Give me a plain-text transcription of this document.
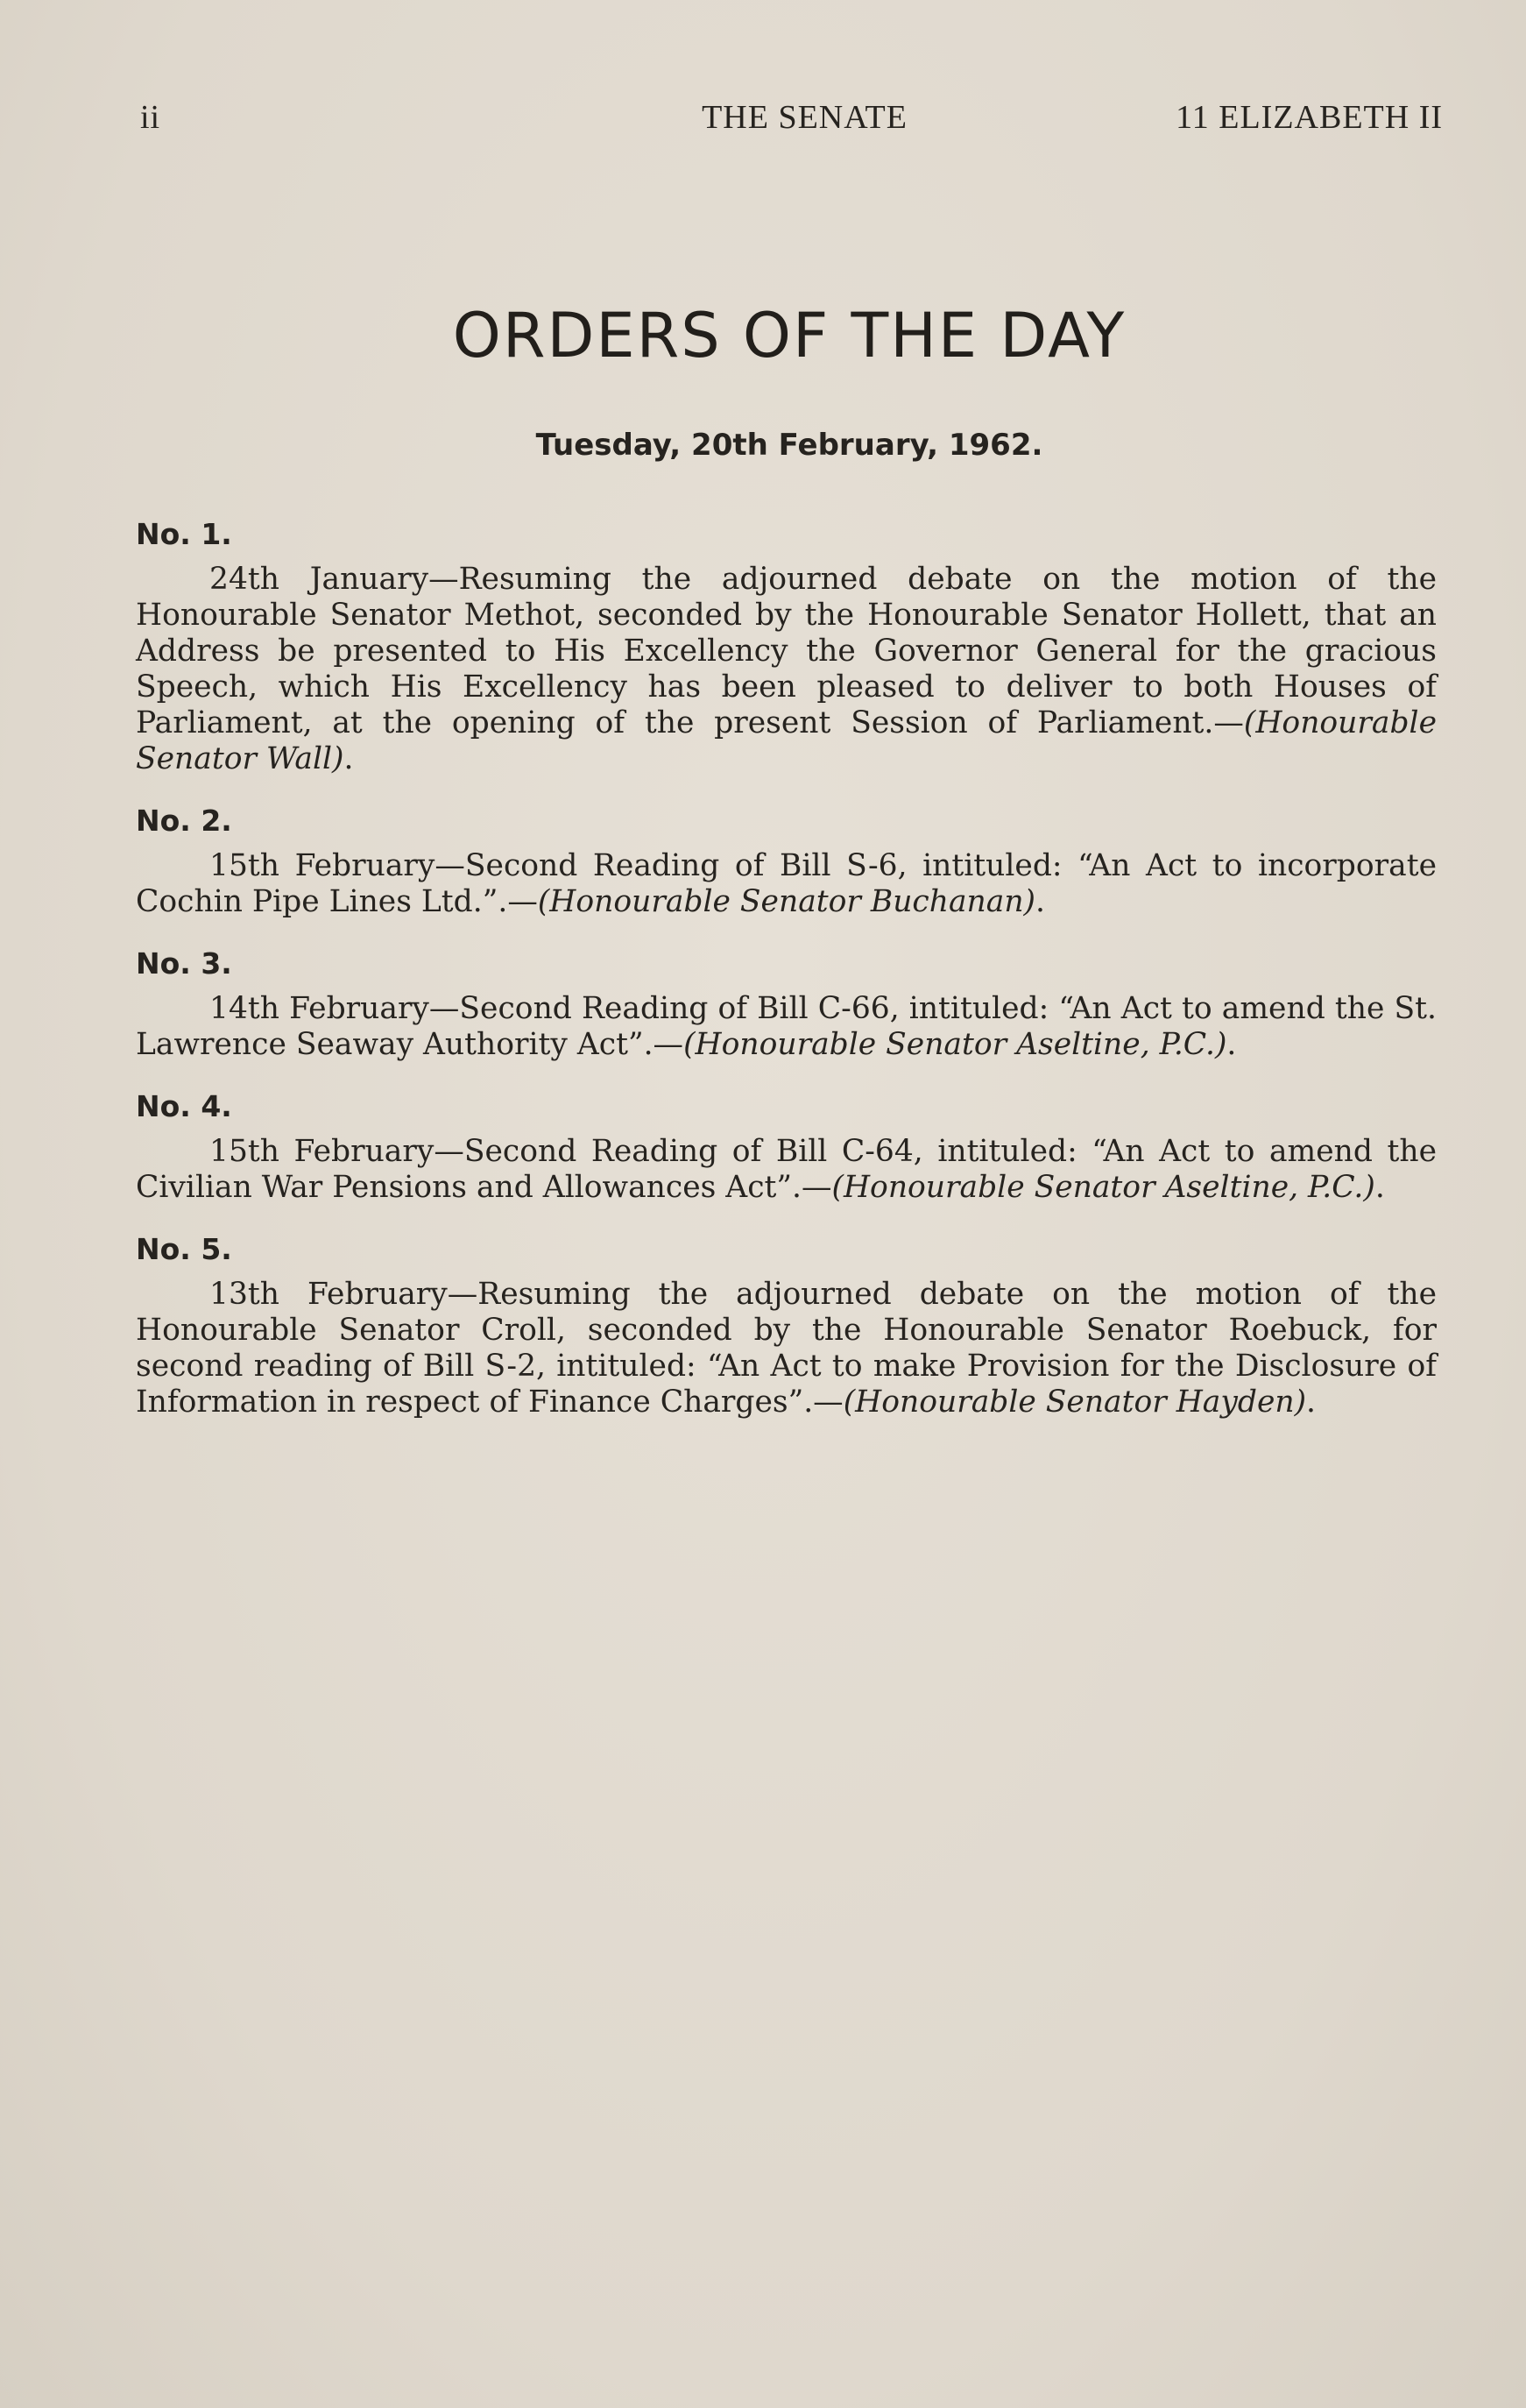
ii	THE SENATE	11 ELIZABETH II
ORDERS OF THE DAY
Tuesday, 20th February, 1962.
No. 1.
24th January—Resuming the adjourned debate on the motion of the Honourable Senator Methot, seconded by the Honourable Senator Hollett, that an Address be presented to His Excellency the Governor General for the gracious Speech, which His Excellency has been pleased to deliver to both Houses of Parliament, at the opening of the present Session of Parliament.—(Honourable Senator Wall).
No. 2.
15th February—Second Reading of Bill S-6, intituled: “An Act to incorporate Cochin Pipe Lines Ltd.”.—(Honourable Senator Buchanan).
No. 3.
14th February—Second Reading of Bill C-66, intituled: “An Act to amend the St. Lawrence Seaway Authority Act”.—(Honourable Senator Aseltine, P.C.).
No. 4.
15th February—Second Reading of Bill C-64, intituled: “An Act to amend the Civilian War Pensions and Allowances Act”.—(Honourable Senator Aseltine, P.C.).
No. 5.
13th February—Resuming the adjourned debate on the motion of the Honourable Senator Croll, seconded by the Honourable Senator Roebuck, for second reading of Bill S-2, intituled: “An Act to make Provision for the Disclosure of Information in respect of Finance Charges”.—(Honourable Senator Hayden).
